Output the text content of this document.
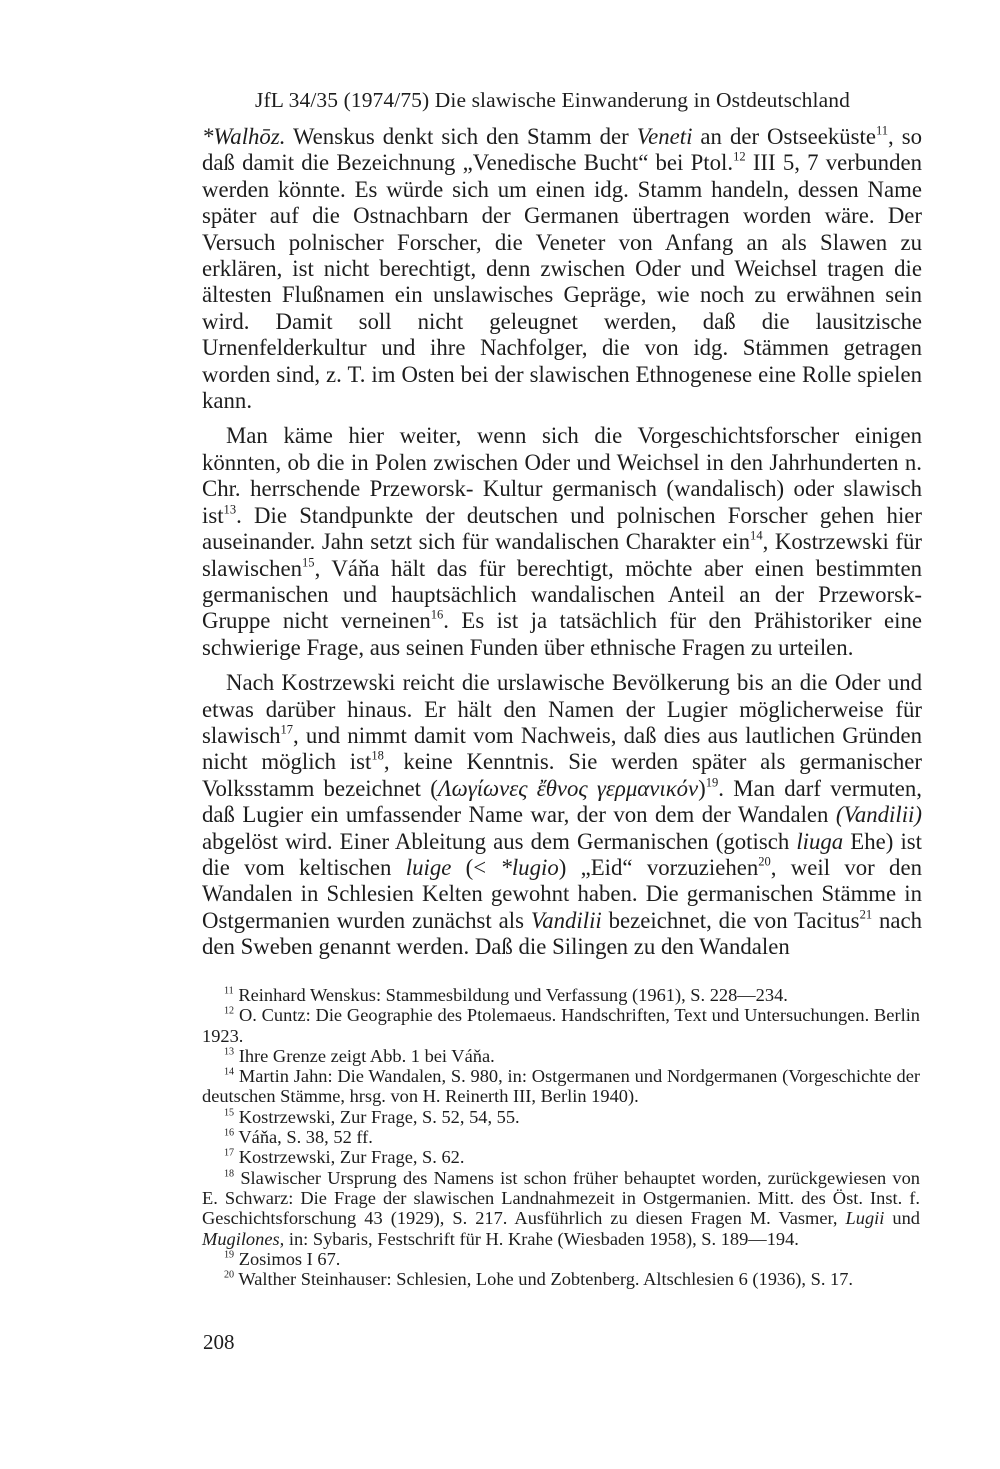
JfL 34/35 (1974/75) Die slawische Einwanderung in Ostdeutschland

*Walhōz. Wenskus denkt sich den Stamm der Veneti an der Ostseeküste$^{11}$, so daß damit die Bezeichnung „Venedische Bucht“ bei Ptol.$^{12}$ III 5, 7 verbunden werden könnte. Es würde sich um einen idg. Stamm handeln, dessen Name später auf die Ostnachbarn der Germanen übertragen worden wäre. Der Versuch polnischer Forscher, die Veneter von Anfang an als Slawen zu erklären, ist nicht berechtigt, denn zwischen Oder und Weichsel tragen die ältesten Flußnamen ein unslawisches Gepräge, wie noch zu erwähnen sein wird. Damit soll nicht geleugnet werden, daß die lausitzische Urnenfelderkultur und ihre Nachfolger, die von idg. Stämmen getragen worden sind, z. T. im Osten bei der slawischen Ethnogenese eine Rolle spielen kann.

Man käme hier weiter, wenn sich die Vorgeschichtsforscher einigen könnten, ob die in Polen zwischen Oder und Weichsel in den Jahrhunderten n. Chr. herrschende Przeworsk- Kultur germanisch (wandalisch) oder slawisch ist$^{13}$. Die Standpunkte der deutschen und polnischen Forscher gehen hier auseinander. Jahn setzt sich für wandalischen Charakter ein$^{14}$, Kostrzewski für slawischen$^{15}$, Váňa hält das für berechtigt, möchte aber einen bestimmten germanischen und hauptsächlich wandalischen Anteil an der Przeworsk-Gruppe nicht verneinen$^{16}$. Es ist ja tatsächlich für den Prähistoriker eine schwierige Frage, aus seinen Funden über ethnische Fragen zu urteilen.

Nach Kostrzewski reicht die urslawische Bevölkerung bis an die Oder und etwas darüber hinaus. Er hält den Namen der Lugier möglicherweise für slawisch$^{17}$, und nimmt damit vom Nachweis, daß dies aus lautlichen Gründen nicht möglich ist$^{18}$, keine Kenntnis. Sie werden später als germanischer Volksstamm bezeichnet (Λωγίωνες ἔθνος γερμανικόν)$^{19}$. Man darf vermuten, daß Lugier ein umfassender Name war, der von dem der Wandalen (Vandilii) abgelöst wird. Einer Ableitung aus dem Germanischen (gotisch liuga Ehe) ist die vom keltischen luige (< *lugio) „Eid“ vorzuziehen$^{20}$, weil vor den Wandalen in Schlesien Kelten gewohnt haben. Die germanischen Stämme in Ostgermanien wurden zunächst als Vandilii bezeichnet, die von Tacitus$^{21}$ nach den Sweben genannt werden. Daß die Silingen zu den Wandalen

$^{11}$ Reinhard Wenskus: Stammesbildung und Verfassung (1961), S. 228—234.
$^{12}$ O. Cuntz: Die Geographie des Ptolemaeus. Handschriften, Text und Untersuchungen. Berlin 1923.
$^{13}$ Ihre Grenze zeigt Abb. 1 bei Váňa.
$^{14}$ Martin Jahn: Die Wandalen, S. 980, in: Ostgermanen und Nordgermanen (Vorgeschichte der deutschen Stämme, hrsg. von H. Reinerth III, Berlin 1940).
$^{15}$ Kostrzewski, Zur Frage, S. 52, 54, 55.
$^{16}$ Váňa, S. 38, 52 ff.
$^{17}$ Kostrzewski, Zur Frage, S. 62.
$^{18}$ Slawischer Ursprung des Namens ist schon früher behauptet worden, zurückgewiesen von E. Schwarz: Die Frage der slawischen Landnahmezeit in Ostgermanien. Mitt. des Öst. Inst. f. Geschichtsforschung 43 (1929), S. 217. Ausführlich zu diesen Fragen M. Vasmer, Lugii und Mugilones, in: Sybaris, Festschrift für H. Krahe (Wiesbaden 1958), S. 189—194.
$^{19}$ Zosimos I 67.
$^{20}$ Walther Steinhauser: Schlesien, Lohe und Zobtenberg. Altschlesien 6 (1936), S. 17.
208
